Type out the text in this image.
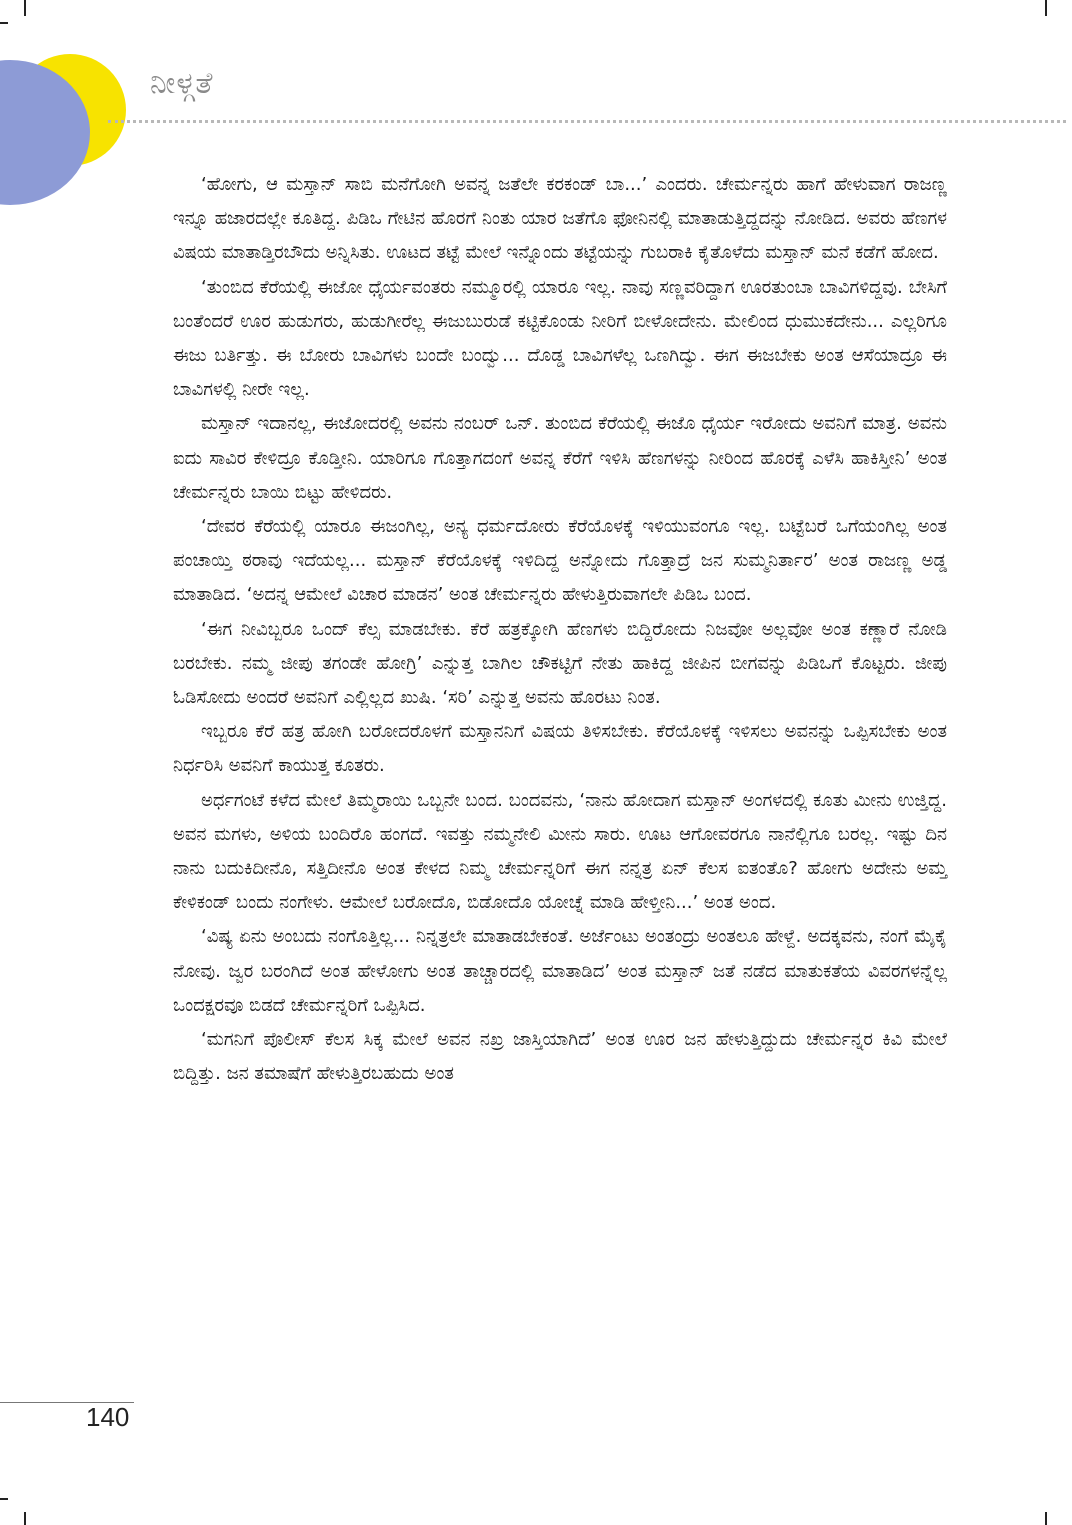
ನೀಳ್ಗತೆ

‘ಹೋಗು, ಆ ಮಸ್ತಾನ್ ಸಾಬಿ ಮನೆಗೋಗಿ ಅವನ್ನ ಜತೆಲೇ ಕರಕಂಡ್ ಬಾ...’ ಎಂದರು. ಚೇರ್ಮನ್ನರು ಹಾಗೆ ಹೇಳುವಾಗ ರಾಜಣ್ಣ ಇನ್ನೂ ಹಜಾರದಲ್ಲೇ ಕೂತಿದ್ದ. ಪಿಡಿಒ ಗೇಟಿನ ಹೊರಗೆ ನಿಂತು ಯಾರ ಜತೆಗೊ ಫೋನಿನಲ್ಲಿ ಮಾತಾಡುತ್ತಿದ್ದದನ್ನು ನೋಡಿದ. ಅವರು ಹೆಣಗಳ ವಿಷಯ ಮಾತಾಡ್ತಿರಬೌದು ಅನ್ನಿಸಿತು. ಊಟದ ತಟ್ಟೆ ಮೇಲೆ ಇನ್ನೊಂದು ತಟ್ಟೆಯನ್ನು ಗುಬರಾಕಿ ಕೈತೊಳೆದು ಮಸ್ತಾನ್ ಮನೆ ಕಡೆಗೆ ಹೋದ.

‘ತುಂಬಿದ ಕೆರೆಯಲ್ಲಿ ಈಜೋ ಧೈರ್ಯವಂತರು ನಮ್ಮೂರಲ್ಲಿ ಯಾರೂ ಇಲ್ಲ. ನಾವು ಸಣ್ಣವರಿದ್ದಾಗ ಊರತುಂಬಾ ಬಾವಿಗಳಿದ್ದವು. ಬೇಸಿಗೆ ಬಂತೆಂದರೆ ಊರ ಹುಡುಗರು, ಹುಡುಗೀರೆಲ್ಲ ಈಜುಬುರುಡೆ ಕಟ್ಟಿಕೊಂಡು ನೀರಿಗೆ ಬೀಳೋದೇನು. ಮೇಲಿಂದ ಧುಮುಕದೇನು... ಎಲ್ಲರಿಗೂ ಈಜು ಬರ್ತಿತ್ತು. ಈ ಬೋರು ಬಾವಿಗಳು ಬಂದೇ ಬಂದ್ವು... ದೊಡ್ಡ ಬಾವಿಗಳೆಲ್ಲ ಒಣಗಿದ್ವು. ಈಗ ಈಜಬೇಕು ಅಂತ ಆಸೆಯಾದ್ರೂ ಈ ಬಾವಿಗಳಲ್ಲಿ ನೀರೇ ಇಲ್ಲ.

ಮಸ್ತಾನ್ ಇದಾನಲ್ಲ, ಈಜೋದರಲ್ಲಿ ಅವನು ನಂಬರ್ ಒನ್. ತುಂಬಿದ ಕೆರೆಯಲ್ಲಿ ಈಜೊ ಧೈರ್ಯ ಇರೋದು ಅವನಿಗೆ ಮಾತ್ರ. ಅವನು ಐದು ಸಾವಿರ ಕೇಳಿದ್ರೂ ಕೊಡ್ತೀನಿ. ಯಾರಿಗೂ ಗೊತ್ತಾಗದಂಗೆ ಅವನ್ನ ಕೆರೆಗೆ ಇಳಿಸಿ ಹೆಣಗಳನ್ನು ನೀರಿಂದ ಹೊರಕ್ಕೆ ಎಳೆಸಿ ಹಾಕಿಸ್ತೀನಿ’ ಅಂತ ಚೇರ್ಮನ್ನರು ಬಾಯಿ ಬಿಟ್ಟು ಹೇಳಿದರು.

‘ದೇವರ ಕೆರೆಯಲ್ಲಿ ಯಾರೂ ಈಜಂಗಿಲ್ಲ, ಅನ್ಯ ಧರ್ಮದೋರು ಕೆರೆಯೊಳಕ್ಕೆ ಇಳಿಯುವಂಗೂ ಇಲ್ಲ. ಬಟ್ಟೆಬರೆ ಒಗೆಯಂಗಿಲ್ಲ ಅಂತ ಪಂಚಾಯ್ತಿ ಠರಾವು ಇದೆಯಲ್ಲ... ಮಸ್ತಾನ್ ಕೆರೆಯೊಳಕ್ಕೆ ಇಳಿದಿದ್ದ ಅನ್ನೋದು ಗೊತ್ತಾದ್ರೆ ಜನ ಸುಮ್ಮನಿರ್ತಾರ’ ಅಂತ ರಾಜಣ್ಣ ಅಡ್ಡ ಮಾತಾಡಿದ. ‘ಅದನ್ನ ಆಮೇಲೆ ವಿಚಾರ ಮಾಡನ’ ಅಂತ ಚೇರ್ಮನ್ನರು ಹೇಳುತ್ತಿರುವಾಗಲೇ ಪಿಡಿಒ ಬಂದ.

‘ಈಗ ನೀವಿಬ್ಬರೂ ಒಂದ್ ಕೆಲ್ಸ ಮಾಡಬೇಕು. ಕೆರೆ ಹತ್ರಕ್ಕೋಗಿ ಹೆಣಗಳು ಬಿದ್ದಿರೋದು ನಿಜವೋ ಅಲ್ಲವೋ ಅಂತ ಕಣ್ಣಾರೆ ನೋಡಿ ಬರಬೇಕು. ನಮ್ಮ ಜೀಪು ತಗಂಡೇ ಹೋಗ್ರಿ’ ಎನ್ನುತ್ತ ಬಾಗಿಲ ಚೌಕಟ್ಟಿಗೆ ನೇತು ಹಾಕಿದ್ದ ಜೀಪಿನ ಬೀಗವನ್ನು ಪಿಡಿಒಗೆ ಕೊಟ್ಟರು. ಜೀಪು ಓಡಿಸೋದು ಅಂದರೆ ಅವನಿಗೆ ಎಲ್ಲಿಲ್ಲದ ಖುಷಿ. ‘ಸರಿ’ ಎನ್ನುತ್ತ ಅವನು ಹೊರಟು ನಿಂತ.

ಇಬ್ಬರೂ ಕೆರೆ ಹತ್ರ ಹೋಗಿ ಬರೋದರೊಳಗೆ ಮಸ್ತಾನನಿಗೆ ವಿಷಯ ತಿಳಿಸಬೇಕು. ಕೆರೆಯೊಳಕ್ಕೆ ಇಳಿಸಲು ಅವನನ್ನು ಒಪ್ಪಿಸಬೇಕು ಅಂತ ನಿರ್ಧರಿಸಿ ಅವನಿಗೆ ಕಾಯುತ್ತ ಕೂತರು.

ಅರ್ಧಗಂಟೆ ಕಳೆದ ಮೇಲೆ ತಿಮ್ಮರಾಯಿ ಒಬ್ಬನೇ ಬಂದ. ಬಂದವನು, ‘ನಾನು ಹೋದಾಗ ಮಸ್ತಾನ್ ಅಂಗಳದಲ್ಲಿ ಕೂತು ಮೀನು ಉಜ್ತಿದ್ದ. ಅವನ ಮಗಳು, ಅಳಿಯ ಬಂದಿರೊ ಹಂಗದೆ. ಇವತ್ತು ನಮ್ಮನೇಲಿ ಮೀನು ಸಾರು. ಊಟ ಆಗೋವರಗೂ ನಾನೆಲ್ಲಿಗೂ ಬರಲ್ಲ. ಇಷ್ಟು ದಿನ ನಾನು ಬದುಕಿದೀನೊ, ಸತ್ತಿದೀನೊ ಅಂತ ಕೇಳದ ನಿಮ್ಮ ಚೇರ್ಮನ್ನರಿಗೆ ಈಗ ನನ್ನತ್ರ ಏನ್ ಕೆಲಸ ಐತಂತೊ? ಹೋಗು ಅದೇನು ಅಮ್ತ ಕೇಳಿಕಂಡ್ ಬಂದು ನಂಗೇಳು. ಆಮೇಲೆ ಬರೋದೊ, ಬಿಡೋದೊ ಯೋಚ್ನೆ ಮಾಡಿ ಹೇಳ್ತೀನಿ...’ ಅಂತ ಅಂದ.

‘ವಿಷ್ಯ ಏನು ಅಂಬದು ನಂಗೊತ್ತಿಲ್ಲ... ನಿನ್ನತ್ರಲೇ ಮಾತಾಡಬೇಕಂತೆ. ಅರ್ಜೆಂಟು ಅಂತಂದ್ರು ಅಂತಲೂ ಹೇಳ್ದೆ. ಅದಕ್ಕವನು, ನಂಗೆ ಮೈಕೈ ನೋವು. ಜ್ವರ ಬರಂಗಿದೆ ಅಂತ ಹೇಳೋಗು ಅಂತ ತಾಚ್ಚಾರದಲ್ಲಿ ಮಾತಾಡಿದ’ ಅಂತ ಮಸ್ತಾನ್ ಜತೆ ನಡೆದ ಮಾತುಕತೆಯ ವಿವರಗಳನ್ನೆಲ್ಲ ಒಂದಕ್ಷರವೂ ಬಿಡದೆ ಚೇರ್ಮನ್ನರಿಗೆ ಒಪ್ಪಿಸಿದ.

‘ಮಗನಿಗೆ ಪೊಲೀಸ್ ಕೆಲಸ ಸಿಕ್ಕ ಮೇಲೆ ಅವನ ನಖ್ರ ಜಾಸ್ತಿಯಾಗಿದೆ’ ಅಂತ ಊರ ಜನ ಹೇಳುತ್ತಿದ್ದುದು ಚೇರ್ಮನ್ನರ ಕಿವಿ ಮೇಲೆ ಬಿದ್ದಿತ್ತು. ಜನ ತಮಾಷೆಗೆ ಹೇಳುತ್ತಿರಬಹುದು ಅಂತ

140
